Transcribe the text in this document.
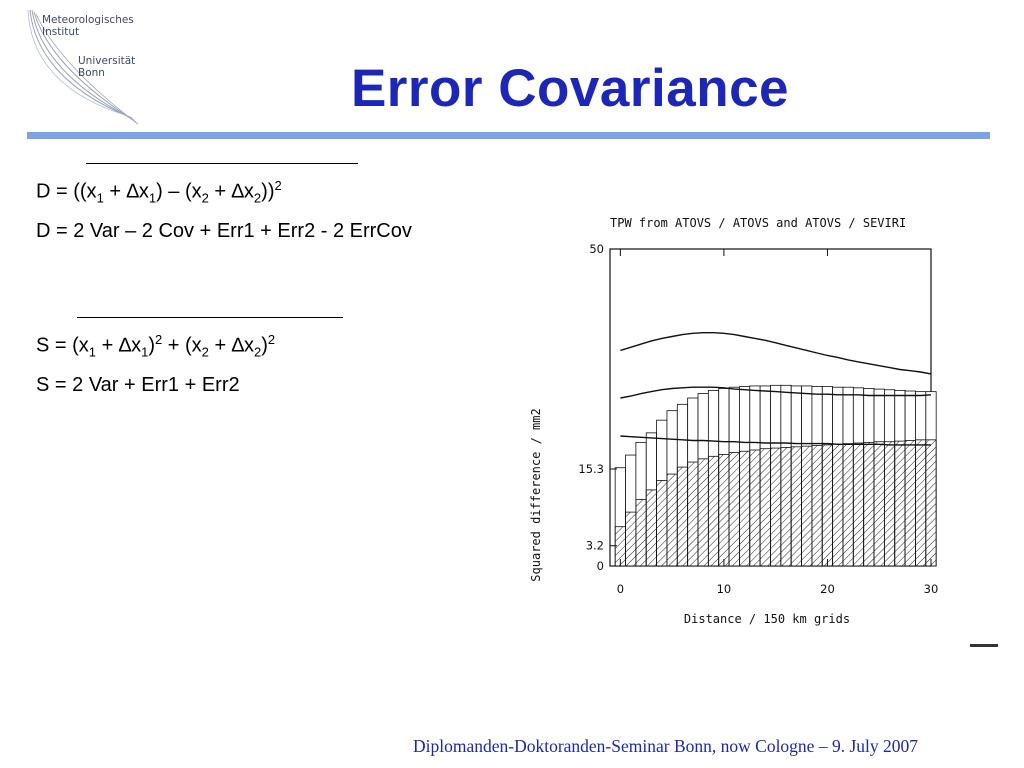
Meteorologisches
Institut
Universität
Bonn	Error Covariance
$D = ((x_1 + \Delta x_1) - (x_2 + \Delta x_2))^2$
D = 2 Var – 2 Cov + Err1 + Err2 - 2 ErrCov
$S = (x_1 + \Delta x_1)^2 + (x_2 + \Delta x_2)^2$
S = 2 Var + Err1 + Err2
TPW from ATOVS / ATOVS and ATOVS / SEVIRI
0
3.2
15.3
50
0	10	20	30
Squared difference / mm2
Distance / 150 km grids
Diplomanden-Doktoranden-Seminar Bonn, now Cologne – 9. July 2007
